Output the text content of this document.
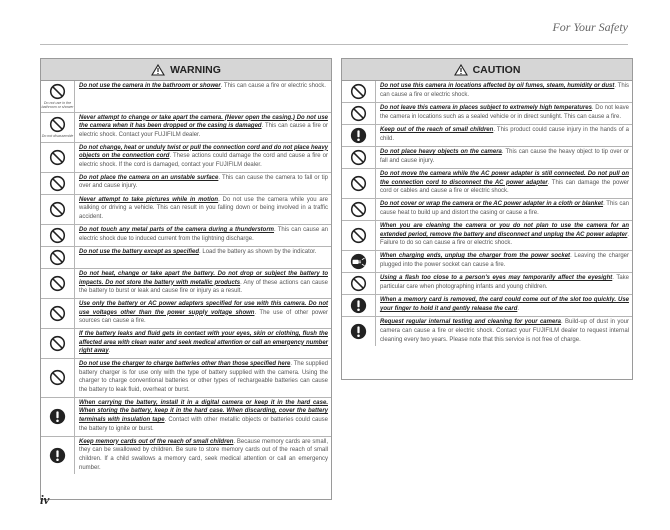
For Your Safety
WARNING
Do not use in the bathroom or shower
Do not use the camera in the bathroom or shower. This can cause a fire or electric shock.
Do not disassemble
Never attempt to change or take apart the camera. (Never open the casing.) Do not use the camera when it has been dropped or the casing is damaged. This can cause a fire or electric shock. Contact your FUJIFILM dealer.
Do not change, heat or unduly twist or pull the connection cord and do not place heavy objects on the connection cord. These actions could damage the cord and cause a fire or electric shock. If the cord is damaged, contact your FUJIFILM dealer.
Do not place the camera on an unstable surface. This can cause the camera to fall or tip over and cause injury.
Never attempt to take pictures while in motion. Do not use the camera while you are walking or driving a vehicle. This can result in you falling down or being involved in a traffic accident.
Do not touch any metal parts of the camera during a thunderstorm. This can cause an electric shock due to induced current from the lightning discharge.
Do not use the battery except as specified. Load the battery as shown by the indicator.
Do not heat, change or take apart the battery. Do not drop or subject the battery to impacts. Do not store the battery with metallic products. Any of these actions can cause the battery to burst or leak and cause fire or injury as a result.
Use only the battery or AC power adapters specified for use with this camera. Do not use voltages other than the power supply voltage shown. The use of other power sources can cause a fire.
If the battery leaks and fluid gets in contact with your eyes, skin or clothing, flush the affected area with clean water and seek medical attention or call an emergency number right away.
Do not use the charger to charge batteries other than those specified here. The supplied battery charger is for use only with the type of battery supplied with the camera. Using the charger to charge conventional batteries or other types of rechargeable batteries can cause the battery to leak fluid, overheat or burst.
When carrying the battery, install it in a digital camera or keep it in the hard case. When storing the battery, keep it in the hard case. When discarding, cover the battery terminals with insulation tape. Contact with other metallic objects or batteries could cause the battery to ignite or burst.
Keep memory cards out of the reach of small children. Because memory cards are small, they can be swallowed by children. Be sure to store memory cards out of the reach of small children. If a child swallows a memory card, seek medical attention or call an emergency number.
CAUTION
Do not use this camera in locations affected by oil fumes, steam, humidity or dust. This can cause a fire or electric shock.
Do not leave this camera in places subject to extremely high temperatures. Do not leave the camera in locations such as a sealed vehicle or in direct sunlight. This can cause a fire.
Keep out of the reach of small children. This product could cause injury in the hands of a child.
Do not place heavy objects on the camera. This can cause the heavy object to tip over or fall and cause injury.
Do not move the camera while the AC power adapter is still connected. Do not pull on the connection cord to disconnect the AC power adapter. This can damage the power cord or cables and cause a fire or electric shock.
Do not cover or wrap the camera or the AC power adapter in a cloth or blanket. This can cause heat to build up and distort the casing or cause a fire.
When you are cleaning the camera or you do not plan to use the camera for an extended period, remove the battery and disconnect and unplug the AC power adapter. Failure to do so can cause a fire or electric shock.
When charging ends, unplug the charger from the power socket. Leaving the charger plugged into the power socket can cause a fire.
Using a flash too close to a person's eyes may temporarily affect the eyesight. Take particular care when photographing infants and young children.
When a memory card is removed, the card could come out of the slot too quickly. Use your finger to hold it and gently release the card.
Request regular internal testing and cleaning for your camera. Build-up of dust in your camera can cause a fire or electric shock. Contact your FUJIFILM dealer to request internal cleaning every two years. Please note that this service is not free of charge.
iv
